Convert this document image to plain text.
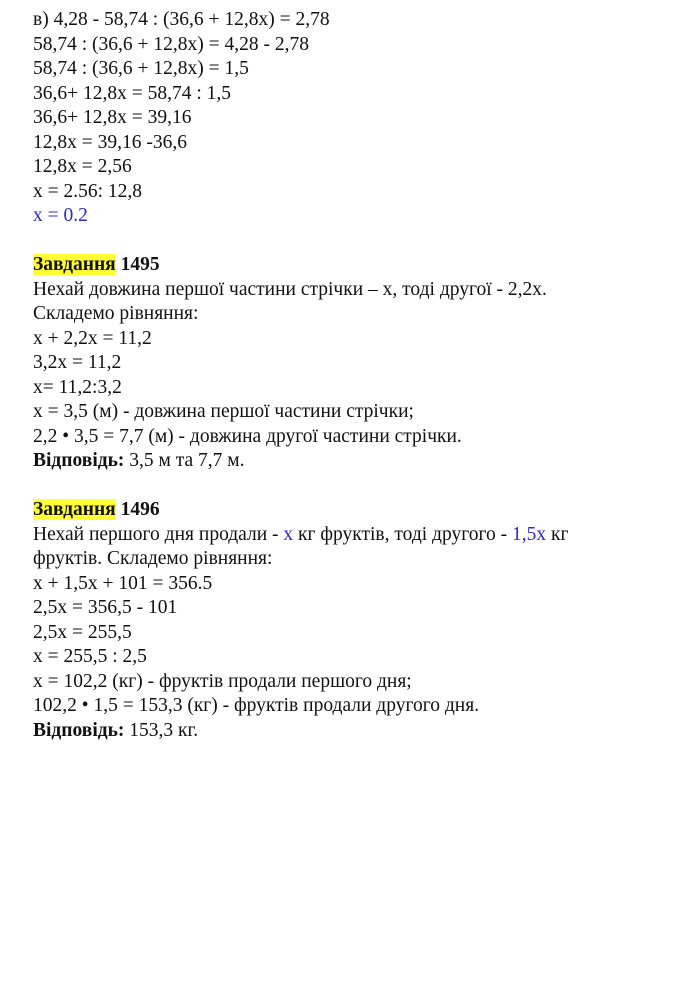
в) 4,28 - 58,74 : (36,6 + 12,8x) = 2,78
58,74 : (36,6 + 12,8x) = 4,28 - 2,78
58,74 : (36,6 + 12,8x) = 1,5
36,6+ 12,8x = 58,74 : 1,5
36,6+ 12,8x = 39,16
12,8x = 39,16 -36,6
12,8x = 2,56
x = 2.56: 12,8
x = 0.2
Завдання 1495
Нехай довжина першої частини стрічки – x, тоді другої - 2,2x.
Складемо рівняння:
x + 2,2x = 11,2
3,2x = 11,2
x= 11,2:3,2
x = 3,5 (м) - довжина першої частини стрічки;
2,2 • 3,5 = 7,7 (м) - довжина другої частини стрічки.
Відповідь: 3,5 м та 7,7 м.
Завдання 1496
Нехай першого дня продали - x кг фруктів, тоді другого - 1,5x кг
фруктів. Складемо рівняння:
x + 1,5x + 101 = 356.5
2,5x = 356,5 - 101
2,5x = 255,5
x = 255,5 : 2,5
x = 102,2 (кг) - фруктів продали першого дня;
102,2 • 1,5 = 153,3 (кг) - фруктів продали другого дня.
Відповідь: 153,3 кг.
